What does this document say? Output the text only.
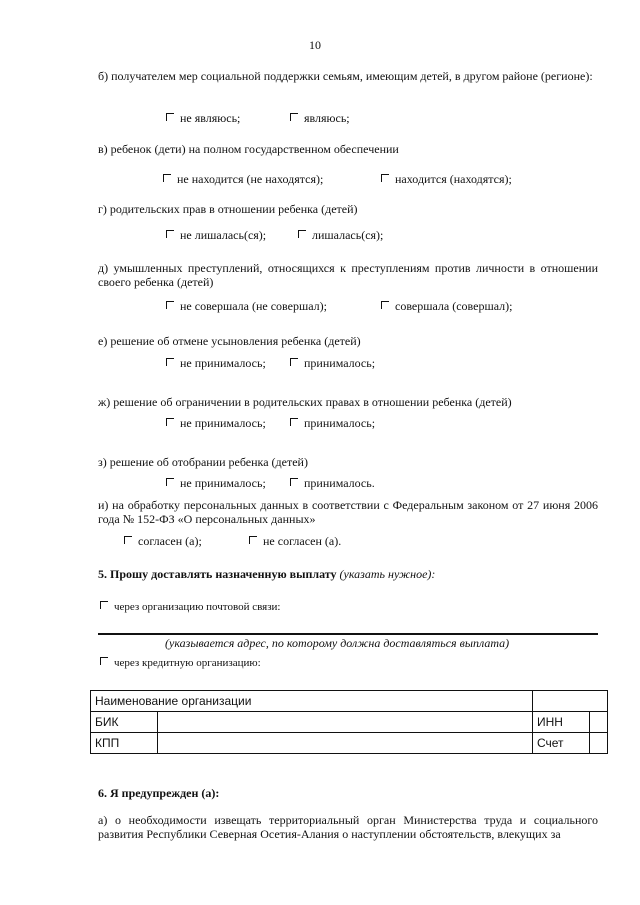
10
б) получателем мер социальной поддержки семьям, имеющим детей, в другом районе (регионе):
не являюсь;	являюсь;
в) ребенок (дети) на полном государственном обеспечении
не находится (не находятся);	находится (находятся);
г) родительских прав в отношении ребенка (детей)
не лишалась(ся);	лишалась(ся);
д) умышленных преступлений, относящихся к преступлениям против личности в отношении своего ребенка (детей)
не совершала (не совершал);	совершала (совершал);
е) решение об отмене усыновления ребенка (детей)
не принималось;	принималось;
ж) решение об ограничении в родительских правах в отношении ребенка (детей)
не принималось;	принималось;
з) решение об отобрании ребенка (детей)
не принималось;	принималось.
и) на обработку персональных данных в соответствии с Федеральным законом от 27 июня 2006 года № 152-ФЗ «О персональных данных»
согласен (а);	не согласен (а).
5. Прошу доставлять назначенную выплату (указать нужное):
через организацию почтовой связи:
(указывается адрес, по которому должна доставляться выплата)
через кредитную организацию:
Наименование организации			
БИК		ИНН	
КПП		Счет	
6. Я предупрежден (а):
а) о необходимости извещать территориальный орган Министерства труда и социального развития Республики Северная Осетия-Алания о наступлении обстоятельств, влекущих за
